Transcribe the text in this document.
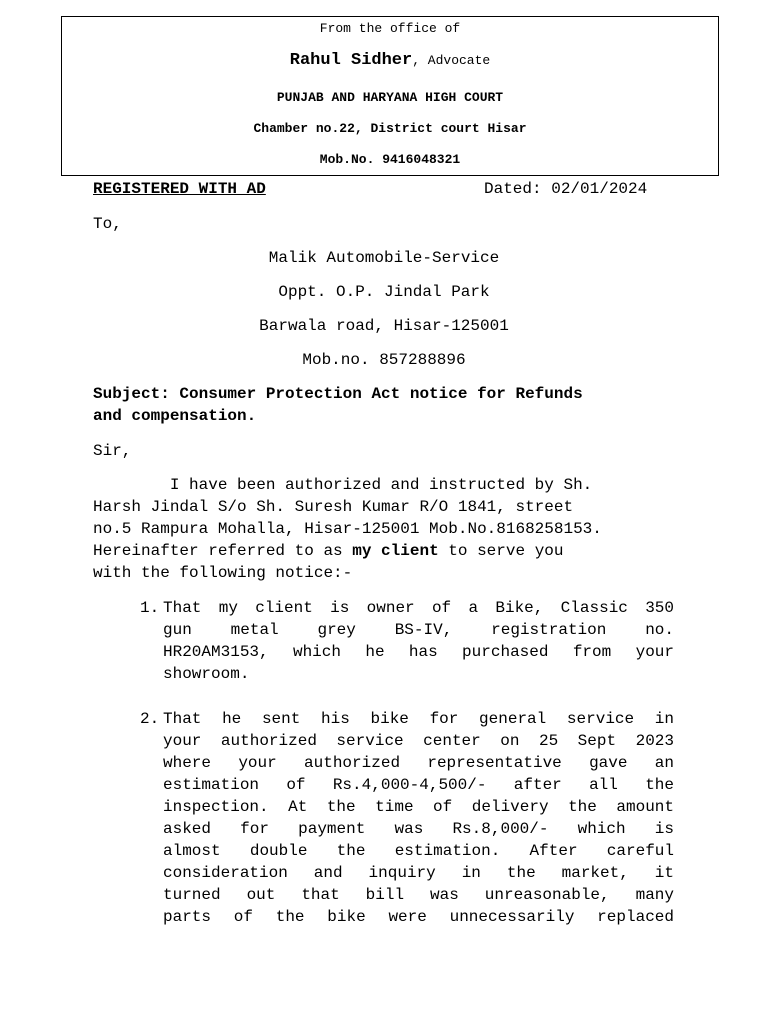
From the office of
Rahul Sidher, Advocate
PUNJAB AND HARYANA HIGH COURT
Chamber no.22, District court Hisar
Mob.No. 9416048321
REGISTERED WITH AD	Dated: 02/01/2024
To,
Malik Automobile-Service
Oppt. O.P. Jindal Park
Barwala road, Hisar-125001
Mob.no. 857288896
Subject: Consumer Protection Act notice for Refunds
and compensation.
Sir,
I have been authorized and instructed by Sh.
Harsh Jindal S/o Sh. Suresh Kumar R/O 1841, street
no.5 Rampura Mohalla, Hisar-125001 Mob.No.8168258153.
Hereinafter referred to as my client to serve you
with the following notice:-
1. That my client is owner of a Bike, Classic 350
gun metal grey BS-IV, registration no.
HR20AM3153, which he has purchased from your
showroom.
2. That he sent his bike for general service in
your authorized service center on 25 Sept 2023
where your authorized representative gave an
estimation of Rs.4,000-4,500/- after all the
inspection. At the time of delivery the amount
asked for payment was Rs.8,000/- which is
almost double the estimation. After careful
consideration and inquiry in the market, it
turned out that bill was unreasonable, many
parts of the bike were unnecessarily replaced
